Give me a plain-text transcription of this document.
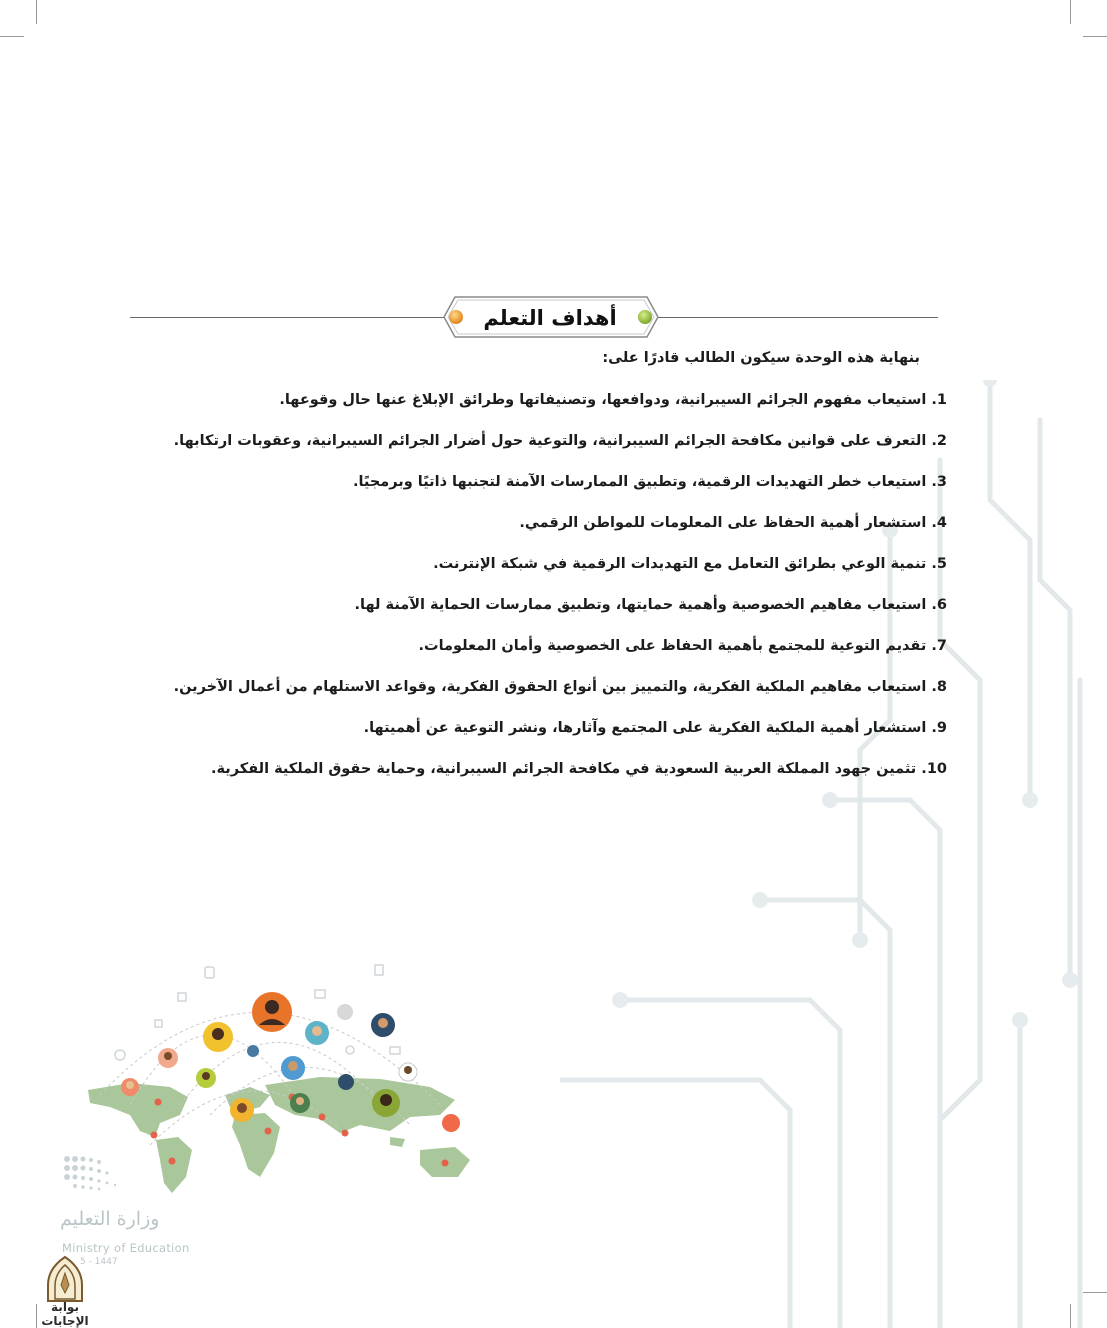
أهداف التعلم
بنهاية هذه الوحدة سيكون الطالب قادرًا على:
1. استيعاب مفهوم الجرائم السيبرانية، ودوافعها، وتصنيفاتها وطرائق الإبلاغ عنها حال وقوعها.
2. التعرف على قوانين مكافحة الجرائم السيبرانية، والتوعية حول أضرار الجرائم السيبرانية، وعقوبات ارتكابها.
3. استيعاب خطر التهديدات الرقمية، وتطبيق الممارسات الآمنة لتجنبها ذاتيًا وبرمجيًا.
4. استشعار أهمية الحفاظ على المعلومات للمواطن الرقمي.
5. تنمية الوعي بطرائق التعامل مع التهديدات الرقمية في شبكة الإنترنت.
6. استيعاب مفاهيم الخصوصية وأهمية حمايتها، وتطبيق ممارسات الحماية الآمنة لها.
7. تقديم التوعية للمجتمع بأهمية الحفاظ على الخصوصية وأمان المعلومات.
8. استيعاب مفاهيم الملكية الفكرية، والتمييز بين أنواع الحقوق الفكرية، وقواعد الاستلهام من أعمال الآخرين.
9. استشعار أهمية الملكية الفكرية على المجتمع وآثارها، ونشر التوعية عن أهميتها.
10. تثمين جهود المملكة العربية السعودية في مكافحة الجرائم السيبرانية، وحماية حقوق الملكية الفكرية.
وزارة التعليم
Ministry of Education
5 - 1447
بوابة الإجابات
